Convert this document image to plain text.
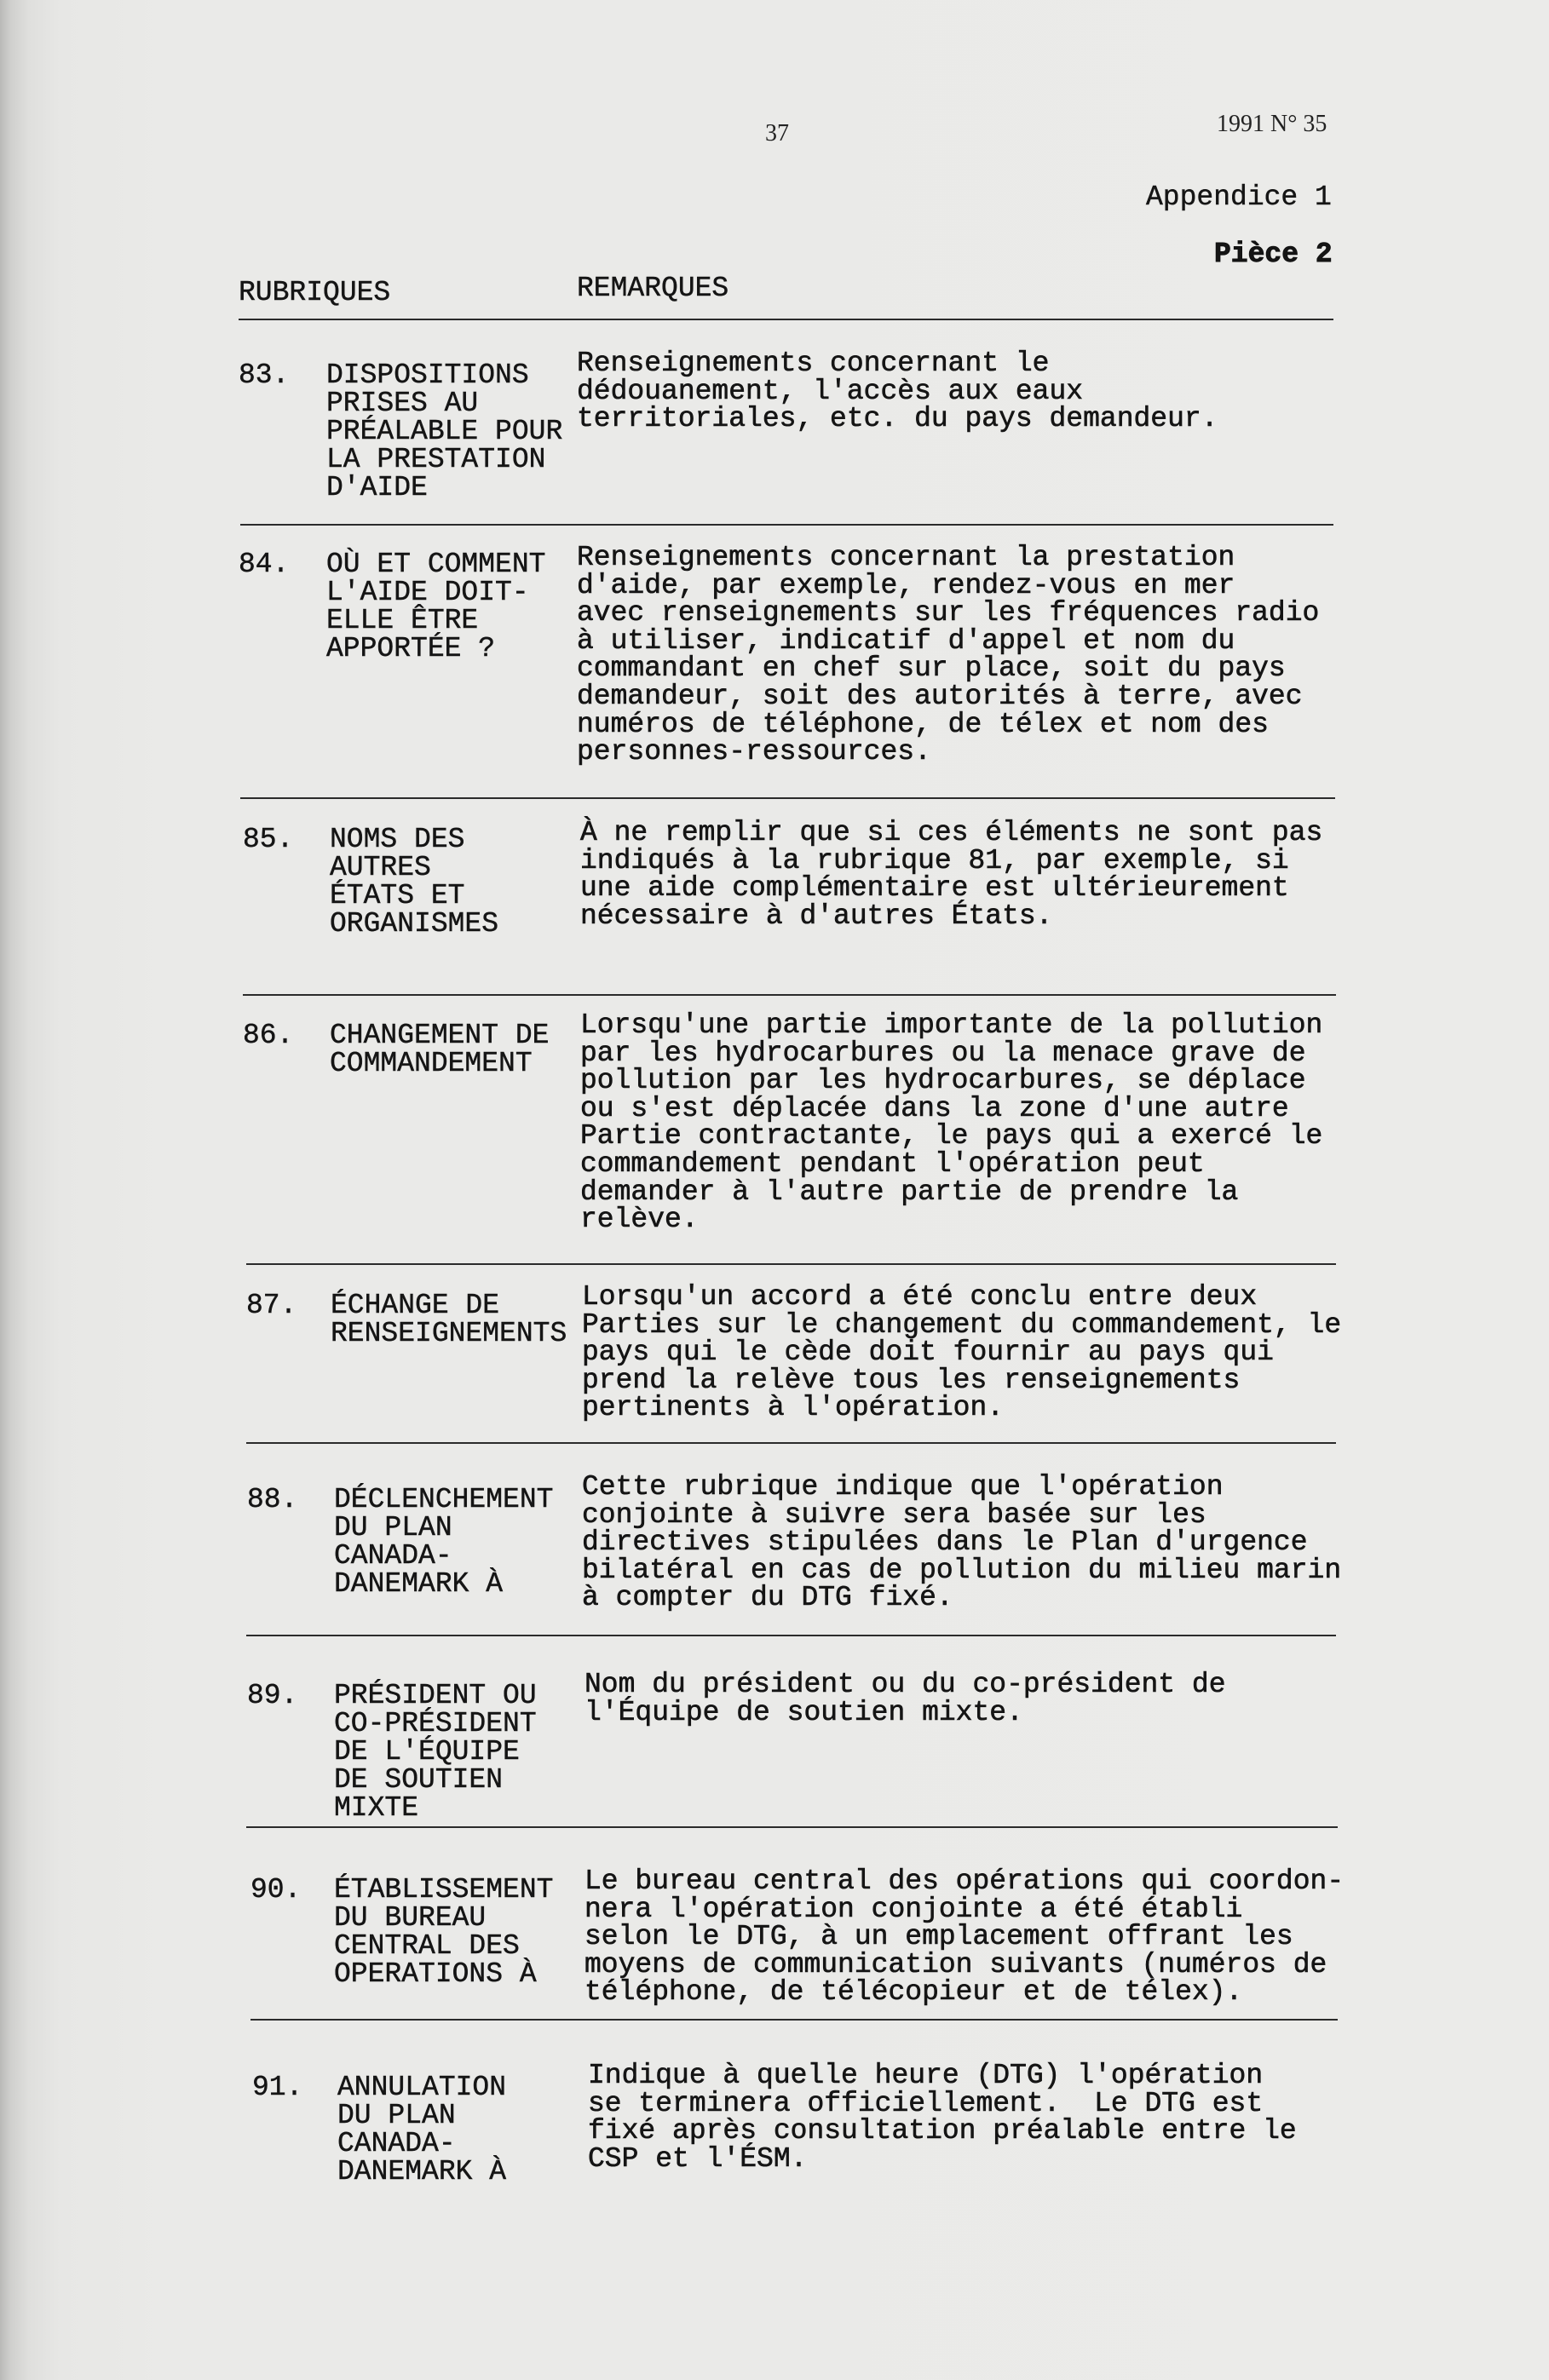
37	1991 N° 35
Appendice 1
Pièce 2
RUBRIQUES	REMARQUES
83. DISPOSITIONS
PRISES AU
PRÉALABLE POUR
LA PRESTATION
D'AIDE
Renseignements concernant le
dédouanement, l'accès aux eaux
territoriales, etc. du pays demandeur.
84. OÙ ET COMMENT
L'AIDE DOIT-
ELLE ÊTRE
APPORTÉE ?
Renseignements concernant la prestation
d'aide, par exemple, rendez-vous en mer
avec renseignements sur les fréquences radio
à utiliser, indicatif d'appel et nom du
commandant en chef sur place, soit du pays
demandeur, soit des autorités à terre, avec
numéros de téléphone, de télex et nom des
personnes-ressources.
85. NOMS DES
AUTRES
ÉTATS ET
ORGANISMES
À ne remplir que si ces éléments ne sont pas
indiqués à la rubrique 81, par exemple, si
une aide complémentaire est ultérieurement
nécessaire à d'autres États.
86. CHANGEMENT DE
COMMANDEMENT
Lorsqu'une partie importante de la pollution
par les hydrocarbures ou la menace grave de
pollution par les hydrocarbures, se déplace
ou s'est déplacée dans la zone d'une autre
Partie contractante, le pays qui a exercé le
commandement pendant l'opération peut
demander à l'autre partie de prendre la
relève.
87. ÉCHANGE DE
RENSEIGNEMENTS
Lorsqu'un accord a été conclu entre deux
Parties sur le changement du commandement, le
pays qui le cède doit fournir au pays qui
prend la relève tous les renseignements
pertinents à l'opération.
88. DÉCLENCHEMENT
DU PLAN
CANADA-
DANEMARK À
Cette rubrique indique que l'opération
conjointe à suivre sera basée sur les
directives stipulées dans le Plan d'urgence
bilatéral en cas de pollution du milieu marin
à compter du DTG fixé.
89. PRÉSIDENT OU
CO-PRÉSIDENT
DE L'ÉQUIPE
DE SOUTIEN
MIXTE
Nom du président ou du co-président de
l'Équipe de soutien mixte.
90. ÉTABLISSEMENT
DU BUREAU
CENTRAL DES
OPERATIONS À
Le bureau central des opérations qui coordon-
nera l'opération conjointe a été établi
selon le DTG, à un emplacement offrant les
moyens de communication suivants (numéros de
téléphone, de télécopieur et de télex).
91. ANNULATION
DU PLAN
CANADA-
DANEMARK À
Indique à quelle heure (DTG) l'opération
se terminera officiellement.  Le DTG est
fixé après consultation préalable entre le
CSP et l'ÉSM.
